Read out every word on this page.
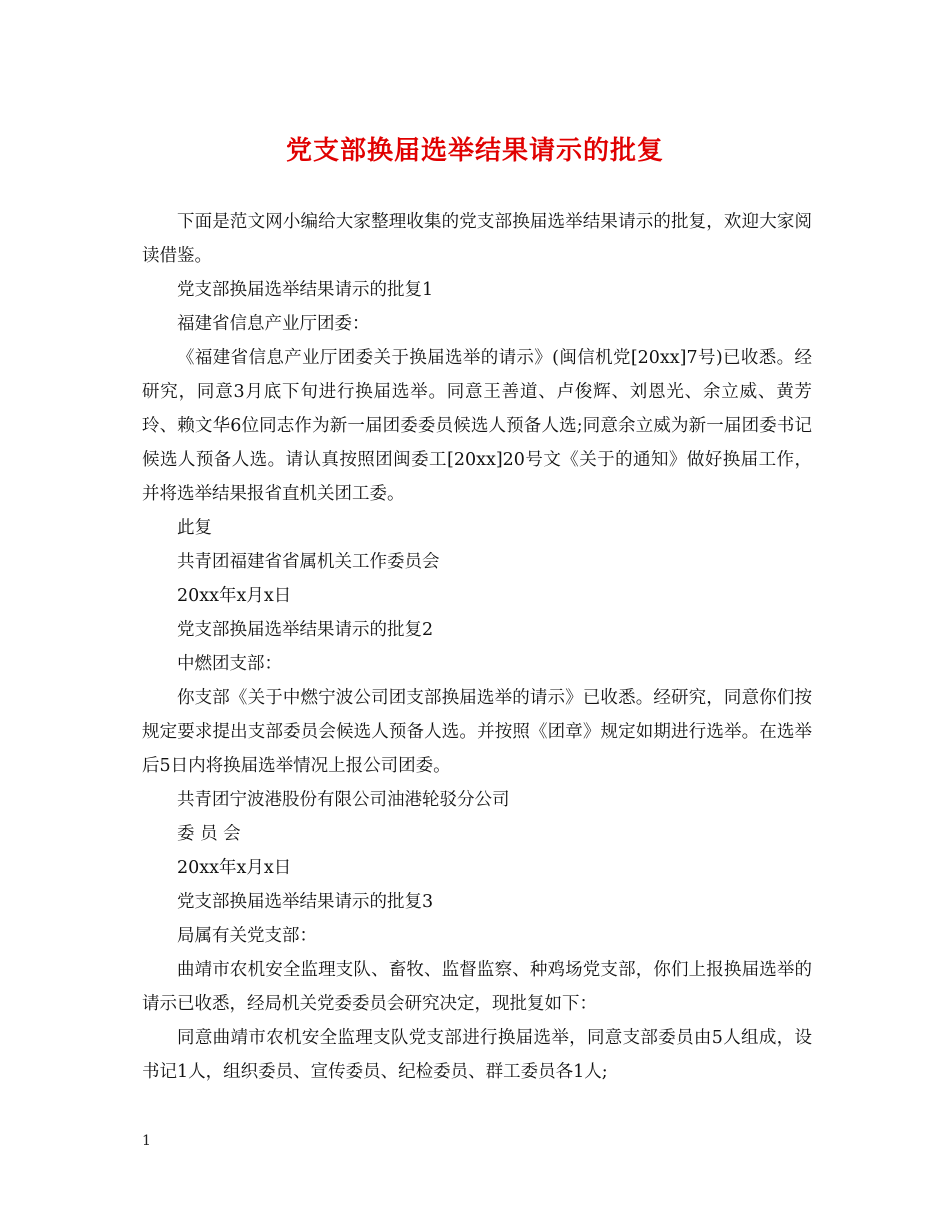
党支部换届选举结果请示的批复

下面是范文网小编给大家整理收集的党支部换届选举结果请示的批复，欢迎大家阅读借鉴。

党支部换届选举结果请示的批复1

福建省信息产业厅团委：

《福建省信息产业厅团委关于换届选举的请示》(闽信机党[20xx]7号)已收悉。经研究，同意3月底下旬进行换届选举。同意王善道、卢俊辉、刘恩光、余立威、黄芳玲、赖文华6位同志作为新一届团委委员候选人预备人选;同意余立威为新一届团委书记候选人预备人选。请认真按照团闽委工[20xx]20号文《关于的通知》做好换届工作，并将选举结果报省直机关团工委。

此复

共青团福建省省属机关工作委员会

20xx年x月x日

党支部换届选举结果请示的批复2

中燃团支部：

你支部《关于中燃宁波公司团支部换届选举的请示》已收悉。经研究，同意你们按规定要求提出支部委员会候选人预备人选。并按照《团章》规定如期进行选举。在选举后5日内将换届选举情况上报公司团委。

共青团宁波港股份有限公司油港轮驳分公司

委 员 会

20xx年x月x日

党支部换届选举结果请示的批复3

局属有关党支部：

曲靖市农机安全监理支队、畜牧、监督监察、种鸡场党支部，你们上报换届选举的请示已收悉，经局机关党委委员会研究决定，现批复如下：

同意曲靖市农机安全监理支队党支部进行换届选举，同意支部委员由5人组成，设书记1人，组织委员、宣传委员、纪检委员、群工委员各1人;

1
